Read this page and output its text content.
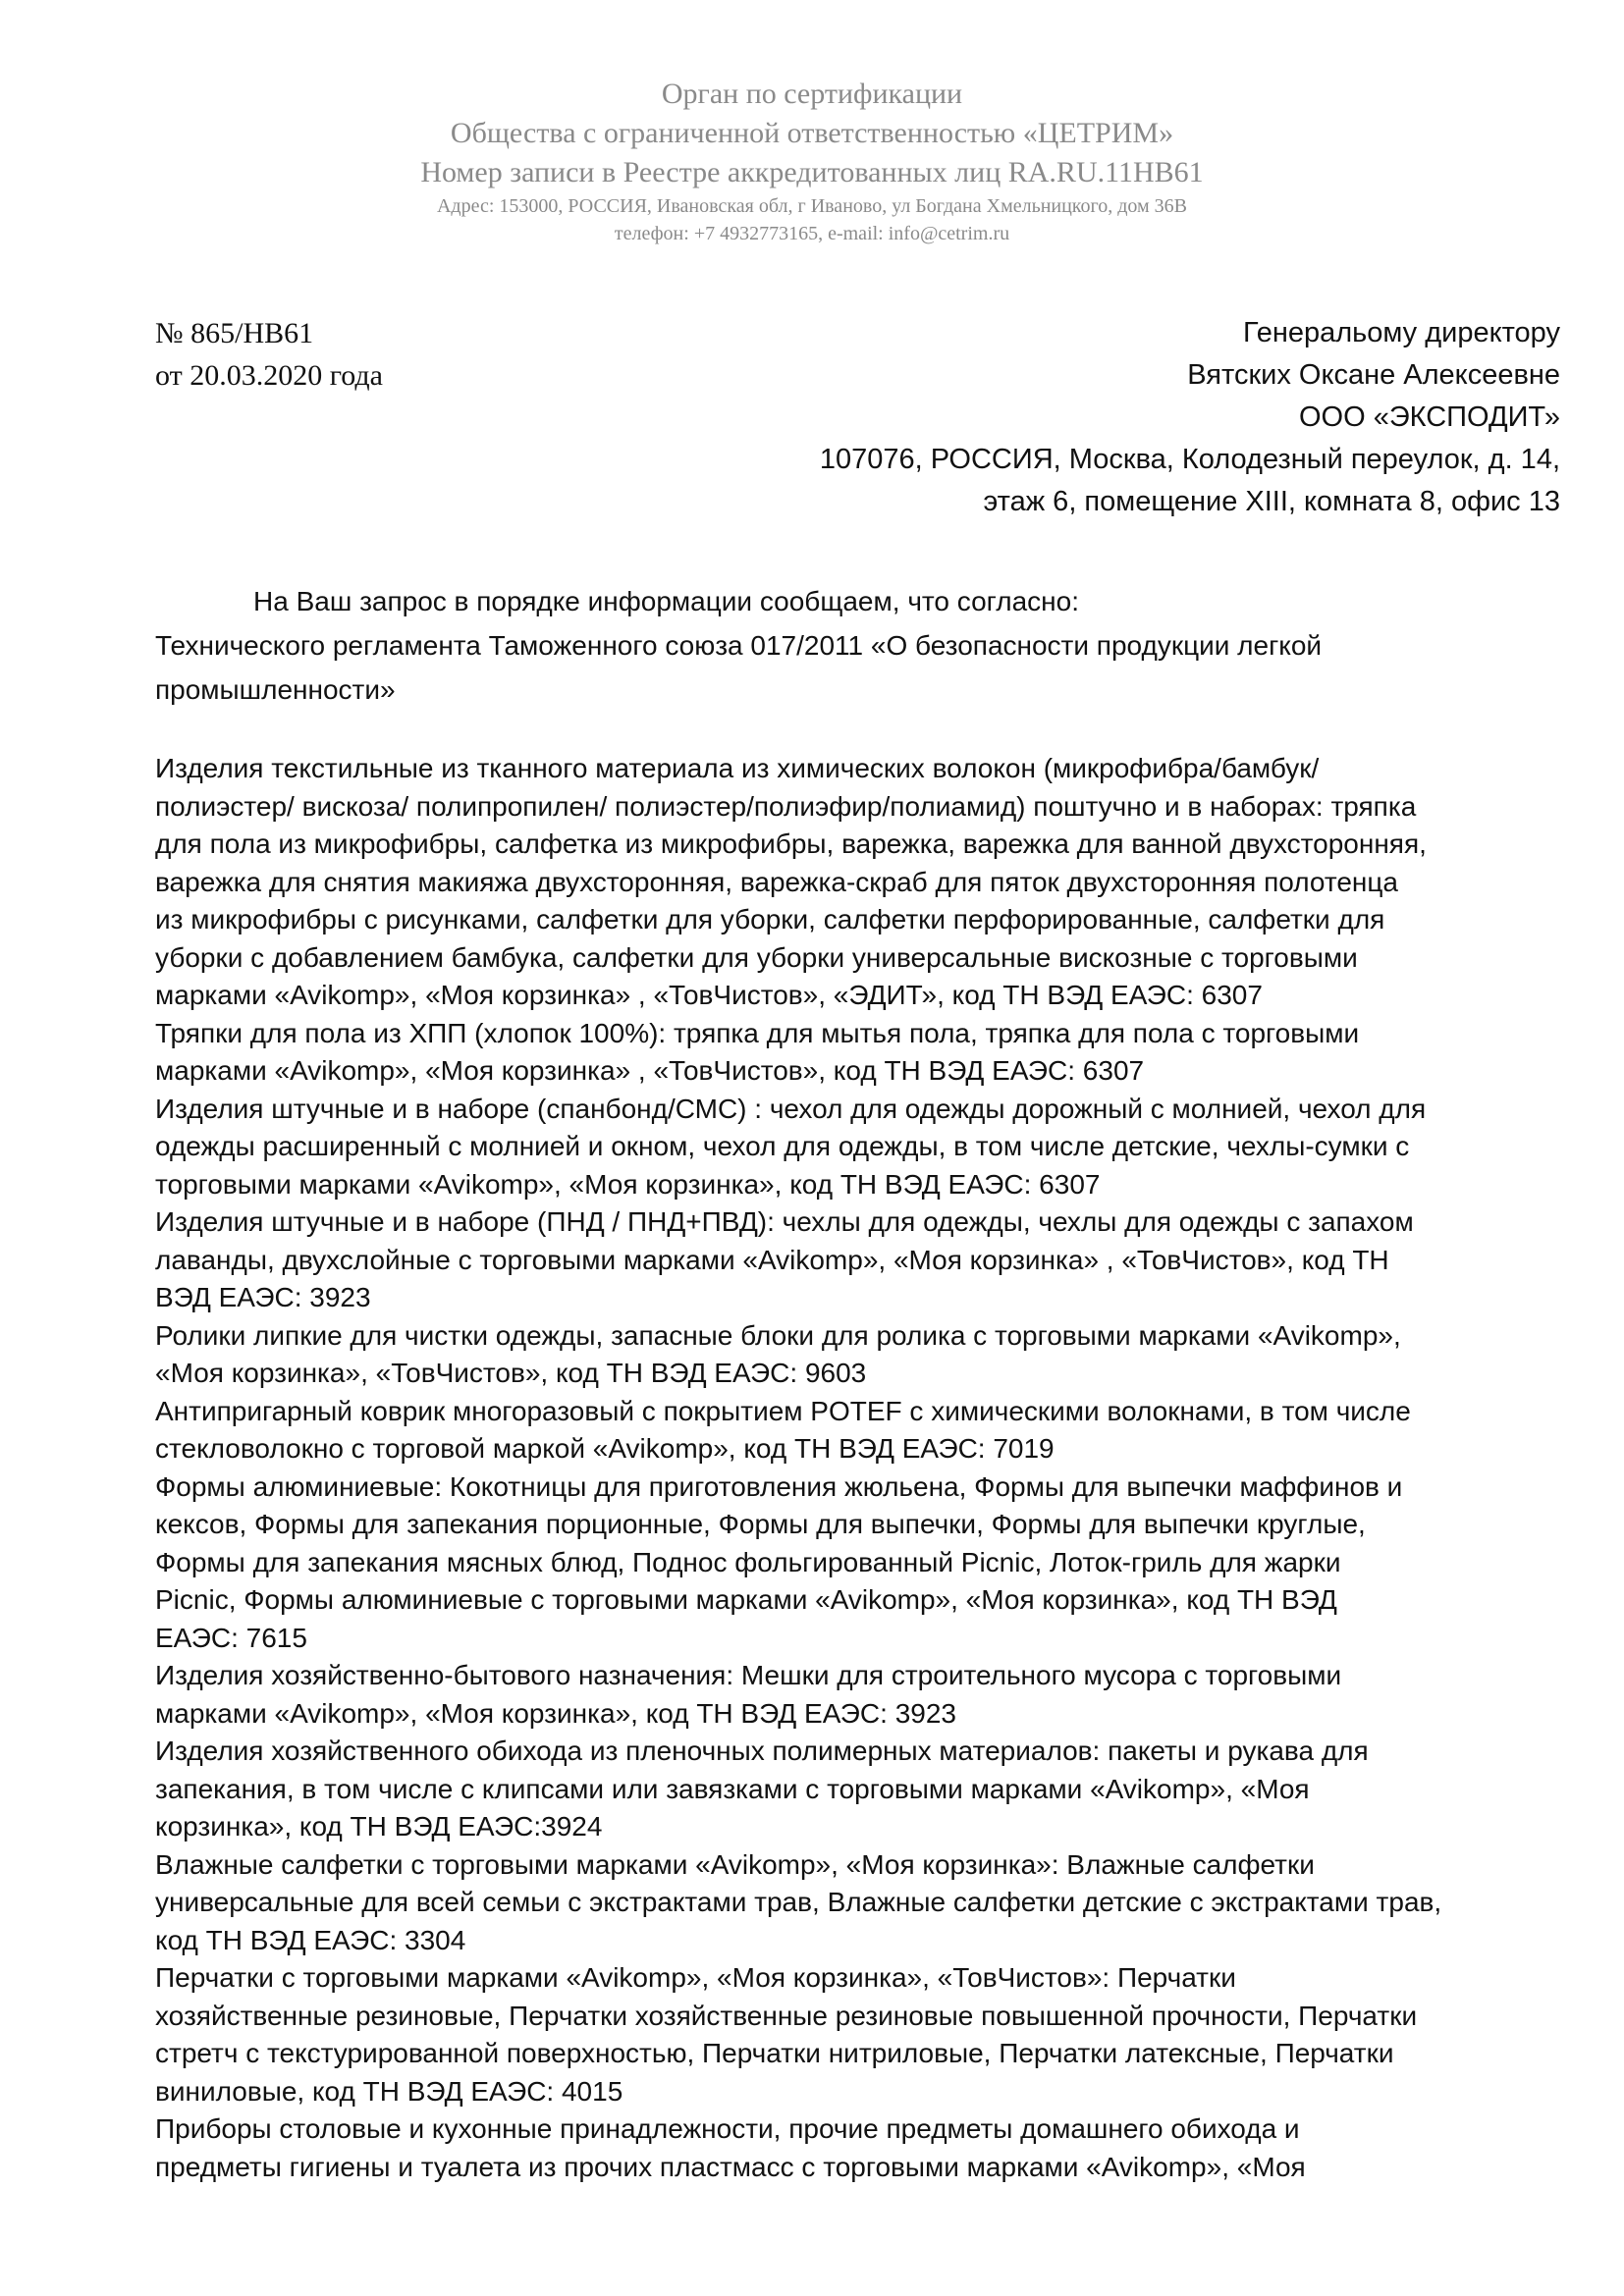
Орган по сертификации
Общества с ограниченной ответственностью «ЦЕТРИМ»
Номер записи в Реестре аккредитованных лиц RA.RU.11HB61
Адрес: 153000, РОССИЯ, Ивановская обл, г Иваново, ул Богдана Хмельницкого, дом 36В
телефон: +7 4932773165, e-mail: info@cetrim.ru
№ 865/НВ61
от 20.03.2020 года
Генеральому директору
Вятских Оксане Алексеевне
ООО «ЭКСПОДИТ»
107076, РОССИЯ, Москва, Колодезный переулок, д. 14,
этаж 6, помещение XIII, комната 8, офис 13
На Ваш запрос в порядке информации сообщаем, что согласно:
Технического регламента Таможенного союза 017/2011 «О безопасности продукции легкой
промышленности»
Изделия текстильные из тканного материала из химических волокон (микрофибра/бамбук/
полиэстер/ вискоза/ полипропилен/ полиэстер/полиэфир/полиамид) поштучно и в наборах: тряпка
для пола из микрофибры, салфетка из микрофибры, варежка, варежка для ванной двухсторонняя,
варежка для снятия макияжа двухсторонняя, варежка-скраб для пяток двухсторонняя полотенца
из микрофибры с рисунками, салфетки для уборки, салфетки перфорированные, салфетки для
уборки с добавлением бамбука, салфетки для уборки универсальные вискозные с торговыми
марками «Avikomp», «Моя корзинка» , «ТовЧистов», «ЭДИТ», код ТН ВЭД ЕАЭС: 6307
Тряпки для пола из ХПП (хлопок 100%): тряпка для мытья пола, тряпка для пола с торговыми
марками «Avikomp», «Моя корзинка» , «ТовЧистов», код ТН ВЭД ЕАЭС: 6307
Изделия штучные и в наборе (спанбонд/СМС) : чехол для одежды дорожный с молнией, чехол для
одежды расширенный с молнией и окном, чехол для одежды, в том числе детские, чехлы-сумки с
торговыми марками «Avikomp», «Моя корзинка», код ТН ВЭД ЕАЭС: 6307
Изделия штучные и в наборе (ПНД / ПНД+ПВД): чехлы для одежды, чехлы для одежды с запахом
лаванды, двухслойные с торговыми марками «Avikomp», «Моя корзинка» , «ТовЧистов», код ТН
ВЭД ЕАЭС: 3923
Ролики липкие для чистки одежды, запасные блоки для ролика с торговыми марками «Avikomp»,
«Моя корзинка», «ТовЧистов», код ТН ВЭД ЕАЭС: 9603
Антипригарный коврик многоразовый с покрытием POTEF с химическими волокнами, в том числе
стекловолокно с торговой маркой «Avikomp», код ТН ВЭД ЕАЭС: 7019
Формы алюминиевые: Кокотницы для приготовления жюльена, Формы для выпечки маффинов и
кексов, Формы для запекания порционные, Формы для выпечки, Формы для выпечки круглые,
Формы для запекания мясных блюд, Поднос фольгированный Picnic, Лоток-гриль для жарки
Picnic, Формы алюминиевые с торговыми марками «Avikomp», «Моя корзинка», код ТН ВЭД
ЕАЭС: 7615
Изделия хозяйственно-бытового назначения: Мешки для строительного мусора с торговыми
марками «Avikomp», «Моя корзинка», код ТН ВЭД ЕАЭС: 3923
Изделия хозяйственного обихода из пленочных полимерных материалов: пакеты и рукава для
запекания, в том числе с клипсами или завязками с торговыми марками «Avikomp», «Моя
корзинка», код ТН ВЭД ЕАЭС:3924
Влажные салфетки с торговыми марками «Avikomp», «Моя корзинка»: Влажные салфетки
универсальные для всей семьи с экстрактами трав, Влажные салфетки детские с экстрактами трав,
код ТН ВЭД ЕАЭС: 3304
Перчатки с торговыми марками «Avikomp», «Моя корзинка», «ТовЧистов»: Перчатки
хозяйственные резиновые, Перчатки хозяйственные резиновые повышенной прочности, Перчатки
стретч с текстурированной поверхностью, Перчатки нитриловые, Перчатки латексные, Перчатки
виниловые, код ТН ВЭД ЕАЭС: 4015
Приборы столовые и кухонные принадлежности, прочие предметы домашнего обихода и
предметы гигиены и туалета из прочих пластмасс с торговыми марками «Avikomp», «Моя
